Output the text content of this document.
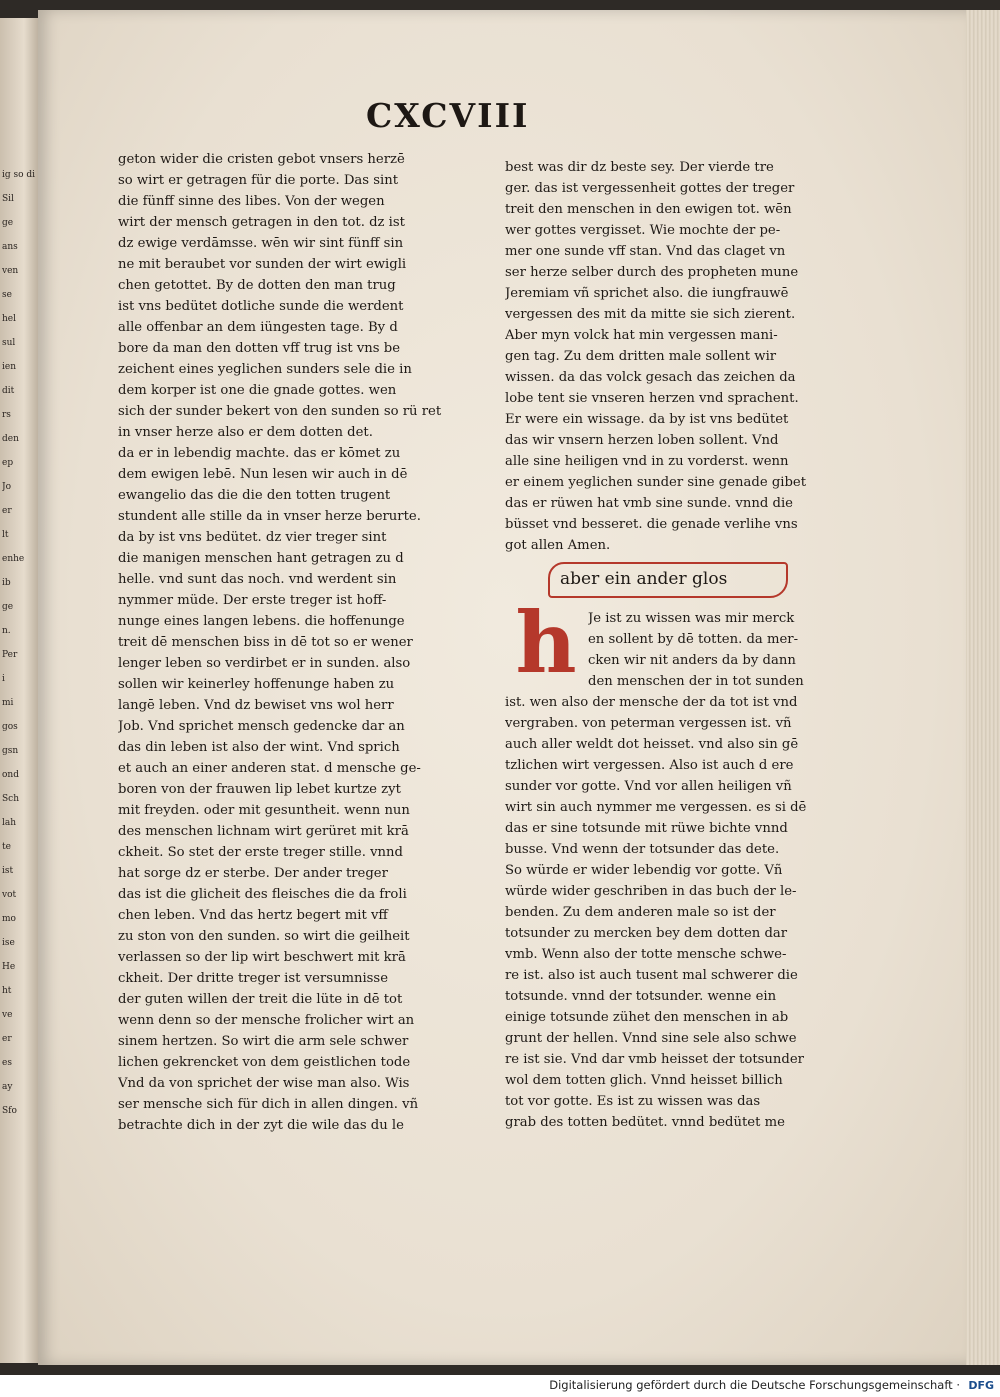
ig so di
Sil
ge
ans
ven
se
hel
sul
ien
dit
rs
den
ep
Jo
er
lt
enhe
ib
ge
n.
Per
i
mi
gos
gsn
ond
Sch
lah
te
ist
vot
mo
ise
He
ht
ve
er
es
ay
Sfo
CXCVIII
geton wider die cristen gebot vnsers herzē
so wirt er getragen für die porte. Das sint
die fünff sinne des libes. Von der wegen
wirt der mensch getragen in den tot. dz ist
dz ewige verdāmsse. wēn wir sint fünff sin
ne mit beraubet vor sunden der wirt ewigli
chen getottet. By de dotten den man trug
ist vns bedütet dotliche sunde die werdent
alle offenbar an dem iüngesten tage. By d
bore da man den dotten vff trug ist vns be
zeichent eines yeglichen sunders sele die in
dem korper ist one die gnade gottes. wen
sich der sunder bekert von den sunden so rü ret
in vnser herze also er dem dotten det.
da er in lebendig machte. das er kōmet zu
dem ewigen lebē. Nun lesen wir auch in dē
ewangelio das die die den totten trugent
stundent alle stille da in vnser herze berurte.
da by ist vns bedütet. dz vier treger sint
die manigen menschen hant getragen zu d
helle. vnd sunt das noch. vnd werdent sin
nymmer müde. Der erste treger ist hoff-
nunge eines langen lebens. die hoffenunge
treit dē menschen biss in dē tot so er wener
lenger leben so verdirbet er in sunden. also
sollen wir keinerley hoffenunge haben zu
langē leben. Vnd dz bewiset vns wol herr
Job. Vnd sprichet mensch gedencke dar an
das din leben ist also der wint. Vnd sprich
et auch an einer anderen stat. d mensche ge-
boren von der frauwen lip lebet kurtze zyt
mit freyden. oder mit gesuntheit. wenn nun
des menschen lichnam wirt gerüret mit krā
ckheit. So stet der erste treger stille. vnnd
hat sorge dz er sterbe. Der ander treger
das ist die glicheit des fleisches die da froli
chen leben. Vnd das hertz begert mit vff
zu ston von den sunden. so wirt die geilheit
verlassen so der lip wirt beschwert mit krā
ckheit. Der dritte treger ist versumnisse
der guten willen der treit die lüte in dē tot
wenn denn so der mensche frolicher wirt an
sinem hertzen. So wirt die arm sele schwer
lichen gekrencket von dem geistlichen tode
Vnd da von sprichet der wise man also. Wis
ser mensche sich für dich in allen dingen. vñ
betrachte dich in der zyt die wile das du le
best was dir dz beste sey. Der vierde tre
ger. das ist vergessenheit gottes der treger
treit den menschen in den ewigen tot. wēn
wer gottes vergisset. Wie mochte der pe-
mer one sunde vff stan. Vnd das claget vn
ser herze selber durch des propheten mune
Jeremiam vñ sprichet also. die iungfrauwē
vergessen des mit da mitte sie sich zierent.
Aber myn volck hat min vergessen mani-
gen tag. Zu dem dritten male sollent wir
wissen. da das volck gesach das zeichen da
lobe tent sie vnseren herzen vnd sprachent.
Er were ein wissage. da by ist vns bedütet
das wir vnsern herzen loben sollent. Vnd
alle sine heiligen vnd in zu vorderst. wenn
er einem yeglichen sunder sine genade gibet
das er rüwen hat vmb sine sunde. vnnd die
büsset vnd besseret. die genade verlihe vns
got allen Amen.
aber ein ander glos
h Je ist zu wissen was mir merck
en sollent by dē totten. da mer-
cken wir nit anders da by dann
den menschen der in tot sunden
ist. wen also der mensche der da tot ist vnd
vergraben. von peterman vergessen ist. vñ
auch aller weldt dot heisset. vnd also sin gē
tzlichen wirt vergessen. Also ist auch d ere
sunder vor gotte. Vnd vor allen heiligen vñ
wirt sin auch nymmer me vergessen. es si dē
das er sine totsunde mit rüwe bichte vnnd
busse. Vnd wenn der totsunder das dete.
So würde er wider lebendig vor gotte. Vñ
würde wider geschriben in das buch der le-
benden. Zu dem anderen male so ist der
totsunder zu mercken bey dem dotten dar
vmb. Wenn also der totte mensche schwe-
re ist. also ist auch tusent mal schwerer die
totsunde. vnnd der totsunder. wenne ein
einige totsunde zühet den menschen in ab
grunt der hellen. Vnnd sine sele also schwe
re ist sie. Vnd dar vmb heisset der totsunder
wol dem totten glich. Vnnd heisset billich
tot vor gotte. Es ist zu wissen was das
grab des totten bedütet. vnnd bedütet me
Digitalisierung gefördert durch die Deutsche Forschungsgemeinschaft · DFG
